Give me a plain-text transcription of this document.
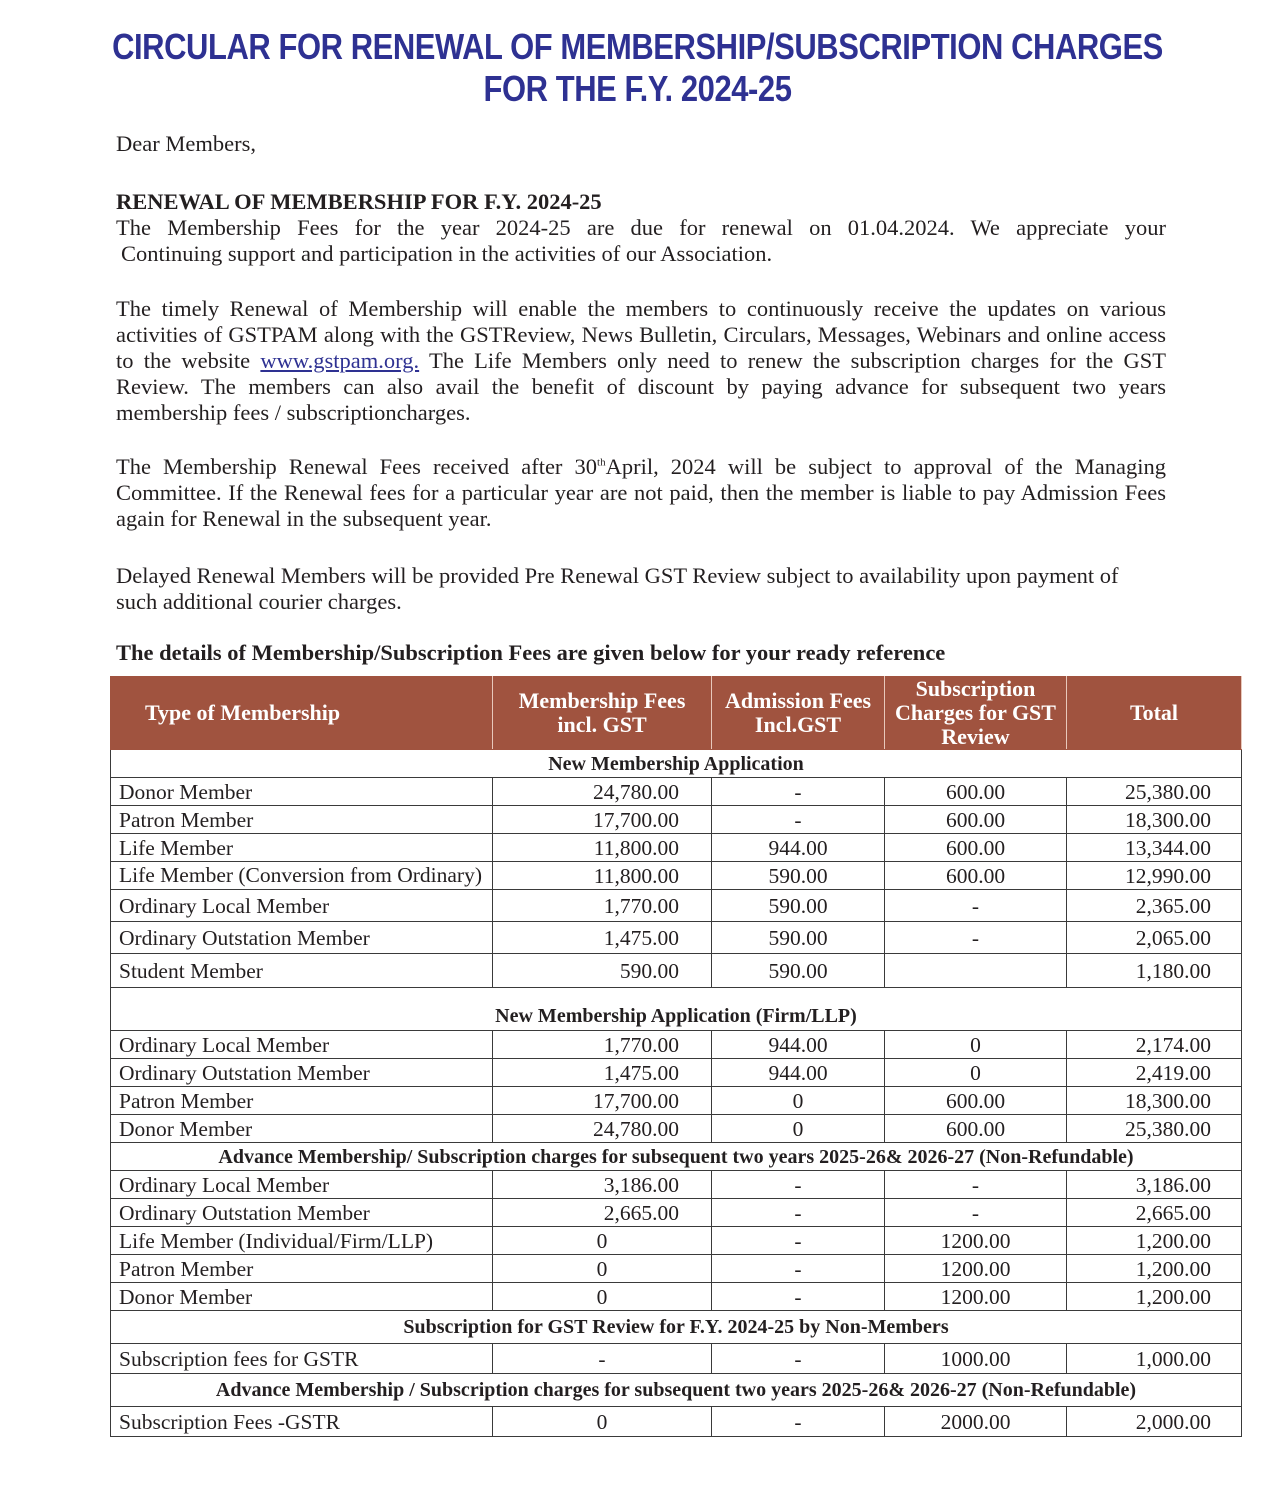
CIRCULAR FOR RENEWAL OF MEMBERSHIP/SUBSCRIPTION CHARGES
FOR THE F.Y. 2024-25
Dear Members,
RENEWAL OF MEMBERSHIP FOR F.Y. 2024-25
The Membership Fees for the year 2024-25 are due for renewal on 01.04.2024. We appreciate your
Continuing support and participation in the activities of our Association.
The timely Renewal of Membership will enable the members to continuously receive the updates on various activities of GSTPAM along with the GSTReview, News Bulletin, Circulars, Messages, Webinars and online access to the website www.gstpam.org. The Life Members only need to renew the subscription charges for the GST Review. The members can also avail the benefit of discount by paying advance for subsequent two years membership fees / subscriptioncharges.
The Membership Renewal Fees received after 30thApril, 2024 will be subject to approval of the Managing Committee. If the Renewal fees for a particular year are not paid, then the member is liable to pay Admission Fees again for Renewal in the subsequent year.
Delayed Renewal Members will be provided Pre Renewal GST Review subject to availability upon payment of such additional courier charges.
The details of Membership/Subscription Fees are given below for your ready reference
Type of Membership	Membership Fees incl. GST	Admission Fees Incl.GST	Subscription Charges for GST Review	Total
New Membership Application				
Donor Member	24,780.00	-	600.00	25,380.00
Patron Member	17,700.00	-	600.00	18,300.00
Life Member	11,800.00	944.00	600.00	13,344.00
Life Member (Conversion from Ordinary)	11,800.00	590.00	600.00	12,990.00
Ordinary Local Member	1,770.00	590.00	-	2,365.00
Ordinary Outstation Member	1,475.00	590.00	-	2,065.00
Student Member	590.00	590.00		1,180.00
New Membership Application (Firm/LLP)				
Ordinary Local Member	1,770.00	944.00	0	2,174.00
Ordinary Outstation Member	1,475.00	944.00	0	2,419.00
Patron Member	17,700.00	0	600.00	18,300.00
Donor Member	24,780.00	0	600.00	25,380.00
Advance Membership/ Subscription charges for subsequent two years 2025-26& 2026-27 (Non-Refundable)				
Ordinary Local Member	3,186.00	-	-	3,186.00
Ordinary Outstation Member	2,665.00	-	-	2,665.00
Life Member (Individual/Firm/LLP)	0	-	1200.00	1,200.00
Patron Member	0	-	1200.00	1,200.00
Donor Member	0	-	1200.00	1,200.00
Subscription for GST Review for F.Y. 2024-25 by Non-Members				
Subscription fees for GSTR	-	-	1000.00	1,000.00
Advance Membership / Subscription charges for subsequent two years 2025-26& 2026-27 (Non-Refundable)				
Subscription Fees -GSTR	0	-	2000.00	2,000.00
